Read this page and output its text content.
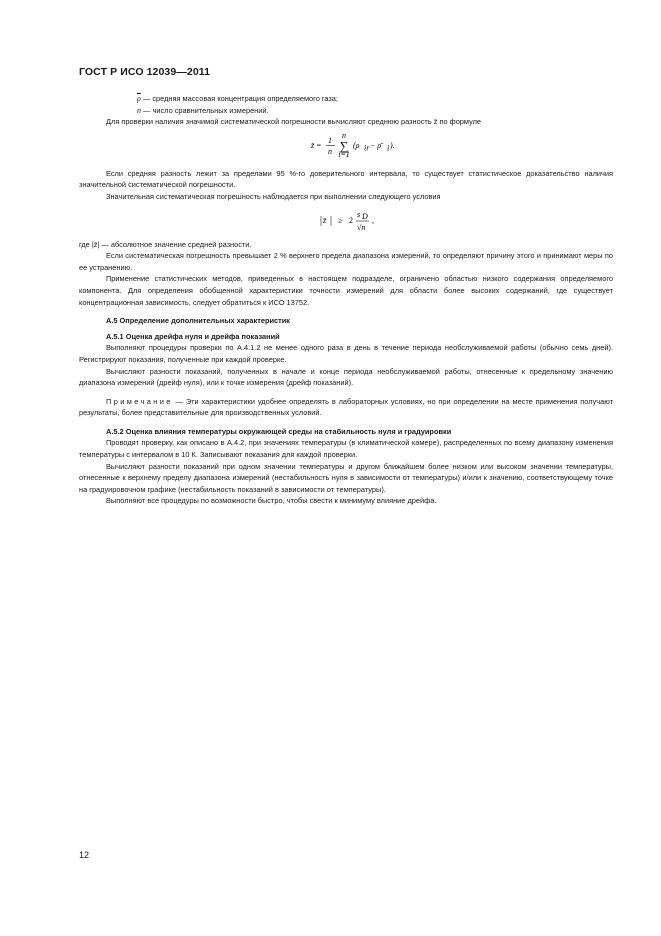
ГОСТ Р ИСО 12039—2011

$\overline{\rho}$ — средняя массовая концентрация определяемого газа;

n — число сравнительных измерений.

Для проверки наличия значимой систематической погрешности вычисляют среднюю разность z̄ по формуле

z̄ =
1
n
n
∑
i=1
(ρ ir − ρ̄ i ).

Если средняя разность лежит за пределами 95 %-го доверительного интервала, то существует статистическое доказательство наличия значительной систематической погрешности.

Значительная систематическая погрешность наблюдается при выполнении следующего условия

z̄ ≥ 2
s D
√n
,

где |z̄| — абсолютное значение средней разности.

Если систематическая погрешность превышает 2 % верхнего предела диапазона измерений, то определяют причину этого и принимают меры по ее устранению.

Применение статистических методов, приведенных в настоящем подразделе, ограничено областью низкого содержания определяемого компонента. Для определения обобщенной характеристики точности измерений для области более высоких содержаний, где существует концентрационная зависимость, следует обратиться к ИСО 13752.

А.5 Определение дополнительных характеристик

А.5.1 Оценка дрейфа нуля и дрейфа показаний

Выполняют процедуры проверки по А.4.1.2 не менее одного раза в день в течение периода необслуживаемой работы (обычно семь дней). Регистрируют показания, полученные при каждой проверке.

Вычисляют разности показаний, полученных в начале и конце периода необслуживаемой работы, отнесенные к предельному значению диапазона измерений (дрейф нуля), или к точке измерения (дрейф показаний).

Примечание — Эти характеристики удобнее определять в лабораторных условиях, но при определении на месте применения получают результаты, более представительные для производственных условий.

А.5.2 Оценка влияния температуры окружающей среды на стабильность нуля и градуировки

Проводят проверку, как описано в А.4.2, при значениях температуры (в климатической камере), распределенных по всему диапазону изменения температуры с интервалом в 10 К. Записывают показания для каждой проверки.

Вычисляют разности показаний при одном значении температуры и другом ближайшем более низком или высоком значении температуры, отнесенные к верхнему пределу диапазона измерений (нестабильность нуля в зависимости от температуры) и/или к значению, соответствующему точке на градуировочном графике (нестабильность показаний в зависимости от температуры).

Выполняют все процедуры по возможности быстро, чтобы свести к минимуму влияние дрейфа.

12
